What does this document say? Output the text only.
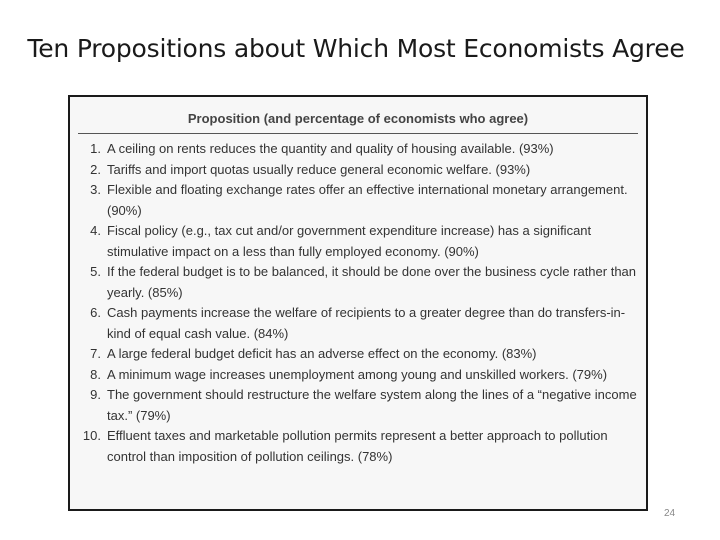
Ten Propositions about Which Most Economists Agree
Proposition (and percentage of economists who agree)
1. A ceiling on rents reduces the quantity and quality of housing available. (93%)
2. Tariffs and import quotas usually reduce general economic welfare. (93%)
3. Flexible and floating exchange rates offer an effective international monetary arrangement. (90%)
4. Fiscal policy (e.g., tax cut and/or government expenditure increase) has a significant stimulative impact on a less than fully employed economy. (90%)
5. If the federal budget is to be balanced, it should be done over the business cycle rather than yearly. (85%)
6. Cash payments increase the welfare of recipients to a greater degree than do transfers-in-kind of equal cash value. (84%)
7. A large federal budget deficit has an adverse effect on the economy. (83%)
8. A minimum wage increases unemployment among young and unskilled workers. (79%)
9. The government should restructure the welfare system along the lines of a “negative income tax.” (79%)
10. Effluent taxes and marketable pollution permits represent a better approach to pollution control than imposition of pollution ceilings. (78%)
24
